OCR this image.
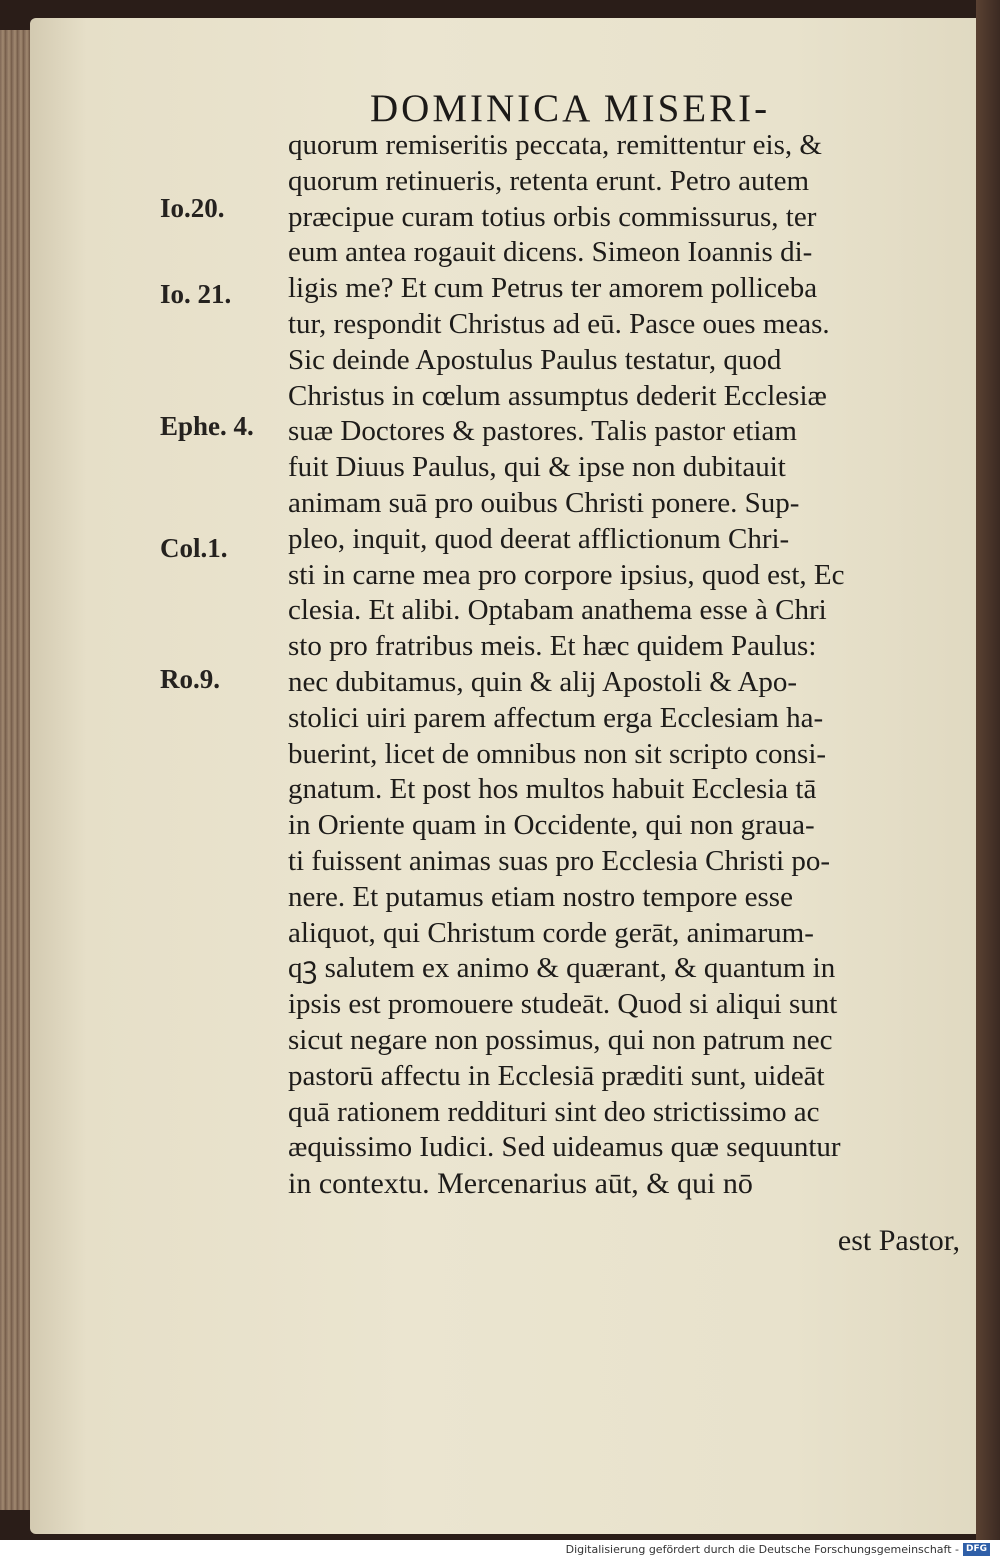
DOMINICA MISERI-
Io.20.
Io. 21.
Ephe. 4.
Col.1.
Ro.9.
quorum remiseritis peccata, remittentur eis, &
quorum retinueris, retenta erunt. Petro autem
præcipue curam totius orbis commissurus, ter
eum antea rogauit dicens. Simeon Ioannis di-
ligis me? Et cum Petrus ter amorem polliceba
tur, respondit Christus ad eū. Pasce oues meas.
Sic deinde Apostulus Paulus testatur, quod
Christus in cœlum assumptus dederit Ecclesiæ
suæ Doctores & pastores. Talis pastor etiam
fuit Diuus Paulus, qui & ipse non dubitauit
animam suā pro ouibus Christi ponere. Sup-
pleo, inquit, quod deerat afflictionum Chri-
sti in carne mea pro corpore ipsius, quod est, Ec
clesia. Et alibi. Optabam anathema esse à Chri
sto pro fratribus meis. Et hæc quidem Paulus:
nec dubitamus, quin & alij Apostoli & Apo-
stolici uiri parem affectum erga Ecclesiam ha-
buerint, licet de omnibus non sit scripto consi-
gnatum. Et post hos multos habuit Ecclesia tā
in Oriente quam in Occidente, qui non grauа-
ti fuissent animas suas pro Ecclesia Christi po-
nere. Et putamus etiam nostro tempore esse
aliquot, qui Christum corde gerāt, animarum-
qꝫ salutem ex animo & quærant, & quantum in
ipsis est promouere studeāt. Quod si aliqui sunt
sicut negare non possimus, qui non patrum nec
pastorū affectu in Ecclesiā præditi sunt, uideāt
quā rationem reddituri sint deo strictissimo ac
æquissimo Iudici. Sed uideamus quæ sequuntur
in contextu. Mercenarius aūt, & qui nō
est Pastor,
Digitalisierung gefördert durch die Deutsche Forschungsgemeinschaft - DFG
